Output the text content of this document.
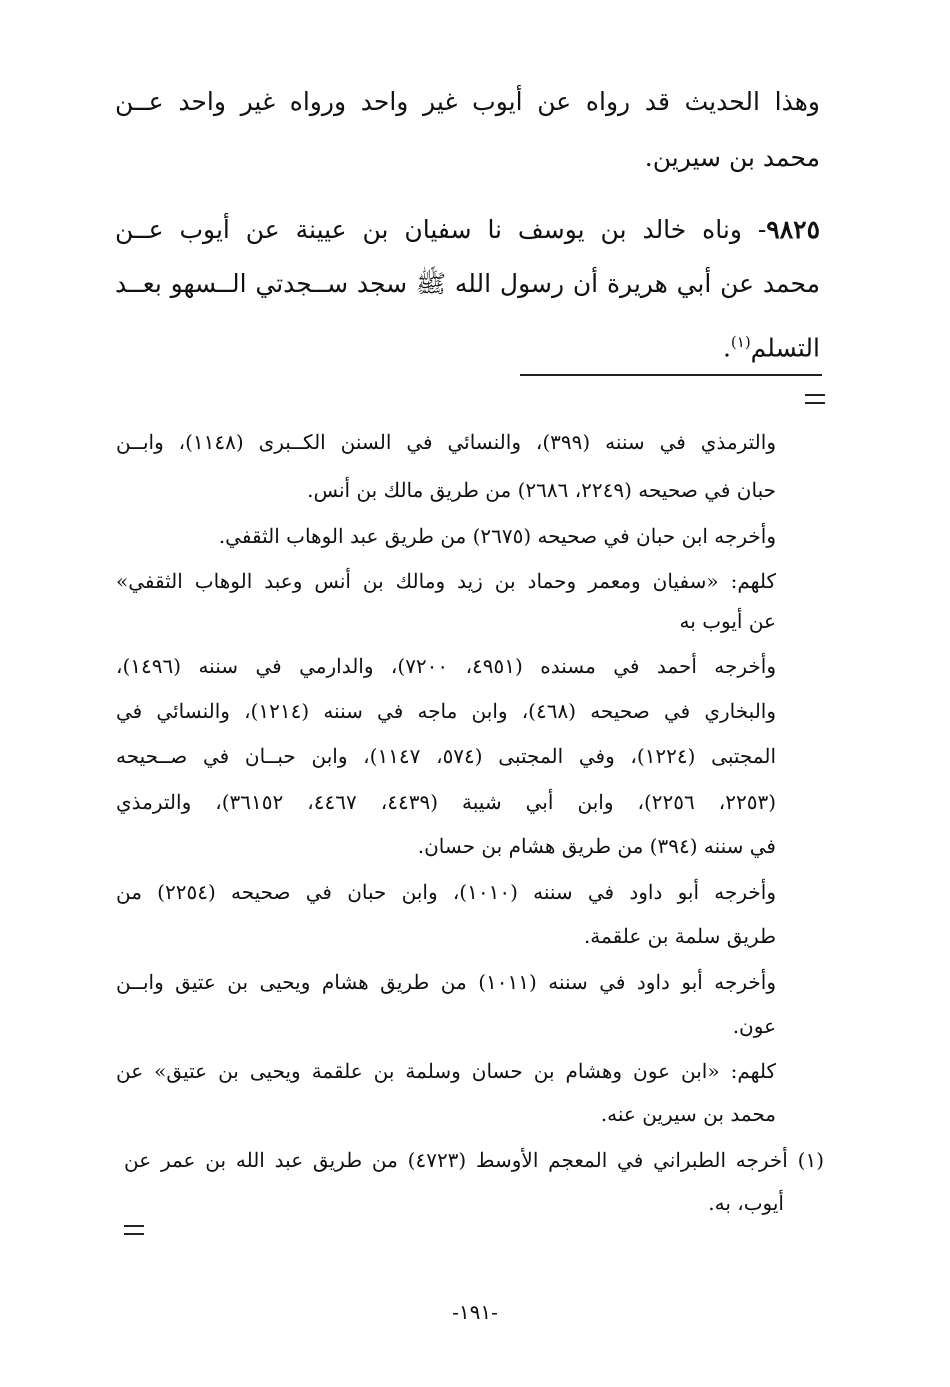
وهذا الحديث قد رواه عن أيوب غير واحد ورواه غير واحد عــن
محمد بن سيرين.
٩٨٢٥- وناه خالد بن يوسف نا سفيان بن عيينة عن أيوب عــن
محمد عن أبي هريرة أن رسول الله ﷺ سجد ســجدتي الــسهو بعــد
التسلم$^{(١)}$.
والترمذي في سننه (٣٩٩)، والنسائي في السنن الكــبرى (١١٤٨)، وابــن
حبان في صحيحه (٢٢٤٩، ٢٦٨٦) من طريق مالك بن أنس.
وأخرجه ابن حبان في صحيحه (٢٦٧٥) من طريق عبد الوهاب الثقفي.
كلهم: «سفيان ومعمر وحماد بن زيد ومالك بن أنس وعبد الوهاب الثقفي»
عن أيوب به
وأخرجه أحمد في مسنده (٤٩٥١، ٧٢٠٠)، والدارمي في سننه (١٤٩٦)،
والبخاري في صحيحه (٤٦٨)، وابن ماجه في سننه (١٢١٤)، والنسائي في
المجتبى (١٢٢٤)، وفي المجتبى (٥٧٤، ١١٤٧)، وابن حبــان في صــحيحه
(٢٢٥٣، ٢٢٥٦)، وابن أبي شيبة (٤٤٣٩، ٤٤٦٧، ٣٦١٥٢)، والترمذي
في سننه (٣٩٤) من طريق هشام بن حسان.
وأخرجه أبو داود في سننه (١٠١٠)، وابن حبان في صحيحه (٢٢٥٤) من
طريق سلمة بن علقمة.
وأخرجه أبو داود في سننه (١٠١١) من طريق هشام ويحيى بن عتيق وابــن
عون.
كلهم: «ابن عون وهشام بن حسان وسلمة بن علقمة ويحيى بن عتيق» عن
محمد بن سيرين عنه.
(١) أخرجه الطبراني في المعجم الأوسط (٤٧٢٣) من طريق عبد الله بن عمر عن
أيوب، به.
-١٩١-
